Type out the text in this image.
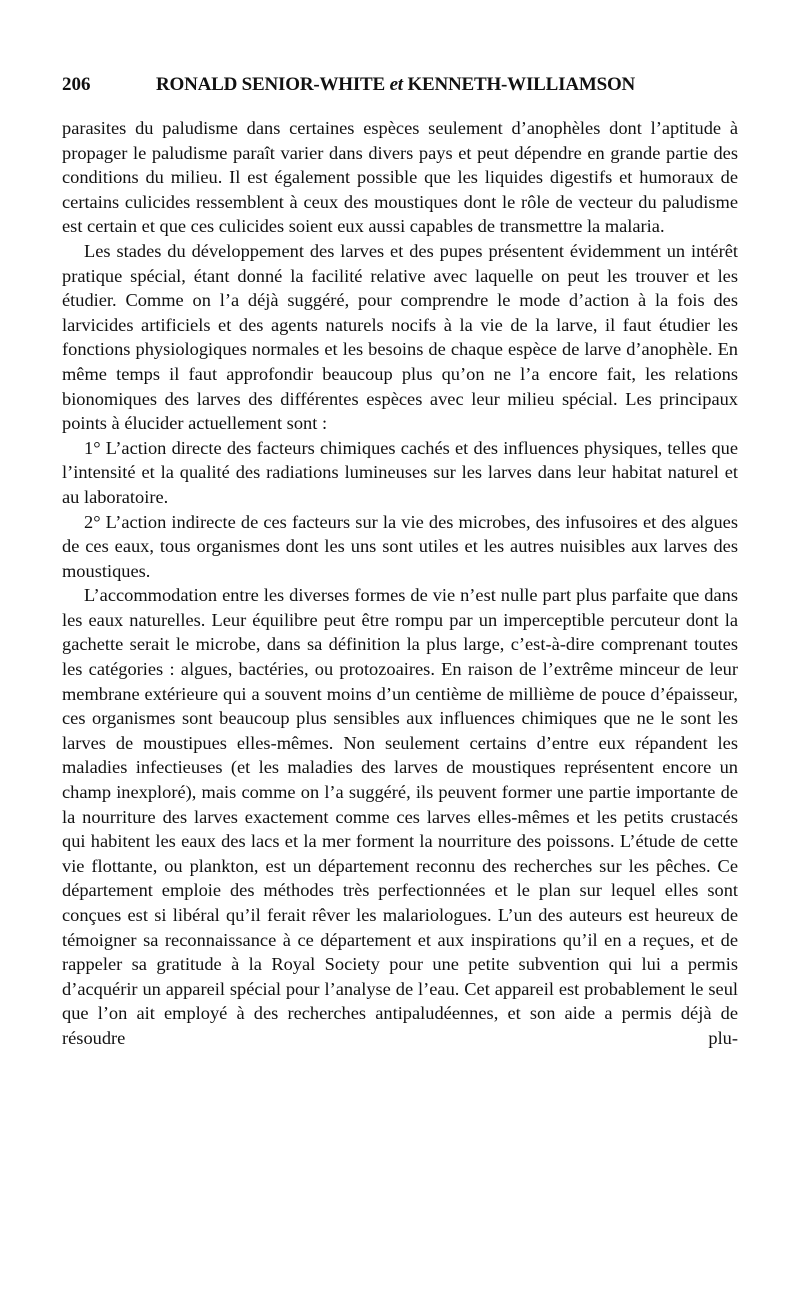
206	RONALD SENIOR-WHITE et KENNETH-WILLIAMSON

parasites du paludisme dans certaines espèces seulement d’anophèles dont l’aptitude à propager le paludisme paraît varier dans divers pays et peut dépendre en grande partie des conditions du milieu. Il est également possible que les liquides digestifs et humoraux de certains culicides ressemblent à ceux des moustiques dont le rôle de vecteur du paludisme est certain et que ces culicides soient eux aussi capables de transmettre la malaria.

Les stades du développement des larves et des pupes présentent évidemment un intérêt pratique spécial, étant donné la facilité relative avec laquelle on peut les trouver et les étudier. Comme on l’a déjà suggéré, pour comprendre le mode d’action à la fois des larvicides artificiels et des agents naturels nocifs à la vie de la larve, il faut étudier les fonctions physiologiques normales et les besoins de chaque espèce de larve d’anophèle. En même temps il faut approfondir beaucoup plus qu’on ne l’a encore fait, les relations bionomiques des larves des différentes espèces avec leur milieu spécial. Les principaux points à élucider actuellement sont :

1° L’action directe des facteurs chimiques cachés et des influences physiques, telles que l’intensité et la qualité des radiations lumineuses sur les larves dans leur habitat naturel et au laboratoire.

2° L’action indirecte de ces facteurs sur la vie des microbes, des infusoires et des algues de ces eaux, tous organismes dont les uns sont utiles et les autres nuisibles aux larves des moustiques.

L’accommodation entre les diverses formes de vie n’est nulle part plus parfaite que dans les eaux naturelles. Leur équilibre peut être rompu par un imperceptible percuteur dont la gachette serait le microbe, dans sa définition la plus large, c’est-à-dire comprenant toutes les catégories : algues, bactéries, ou protozoaires. En raison de l’extrême minceur de leur membrane extérieure qui a souvent moins d’un centième de millième de pouce d’épaisseur, ces organismes sont beaucoup plus sensibles aux influences chimiques que ne le sont les larves de moustipues elles-mêmes. Non seulement certains d’entre eux répandent les maladies infectieuses (et les maladies des larves de moustiques représentent encore un champ inexploré), mais comme on l’a suggéré, ils peuvent former une partie importante de la nourriture des larves exactement comme ces larves elles-mêmes et les petits crustacés qui habitent les eaux des lacs et la mer forment la nourriture des poissons. L’étude de cette vie flottante, ou plankton, est un département reconnu des recherches sur les pêches. Ce département emploie des méthodes très perfectionnées et le plan sur lequel elles sont conçues est si libéral qu’il ferait rêver les malariologues. L’un des auteurs est heureux de témoigner sa reconnaissance à ce département et aux inspirations qu’il en a reçues, et de rappeler sa gratitude à la Royal Society pour une petite subvention qui lui a permis d’acquérir un appareil spécial pour l’analyse de l’eau. Cet appareil est probablement le seul que l’on ait employé à des recherches antipaludéennes, et son aide a permis déjà de résoudre plu-
